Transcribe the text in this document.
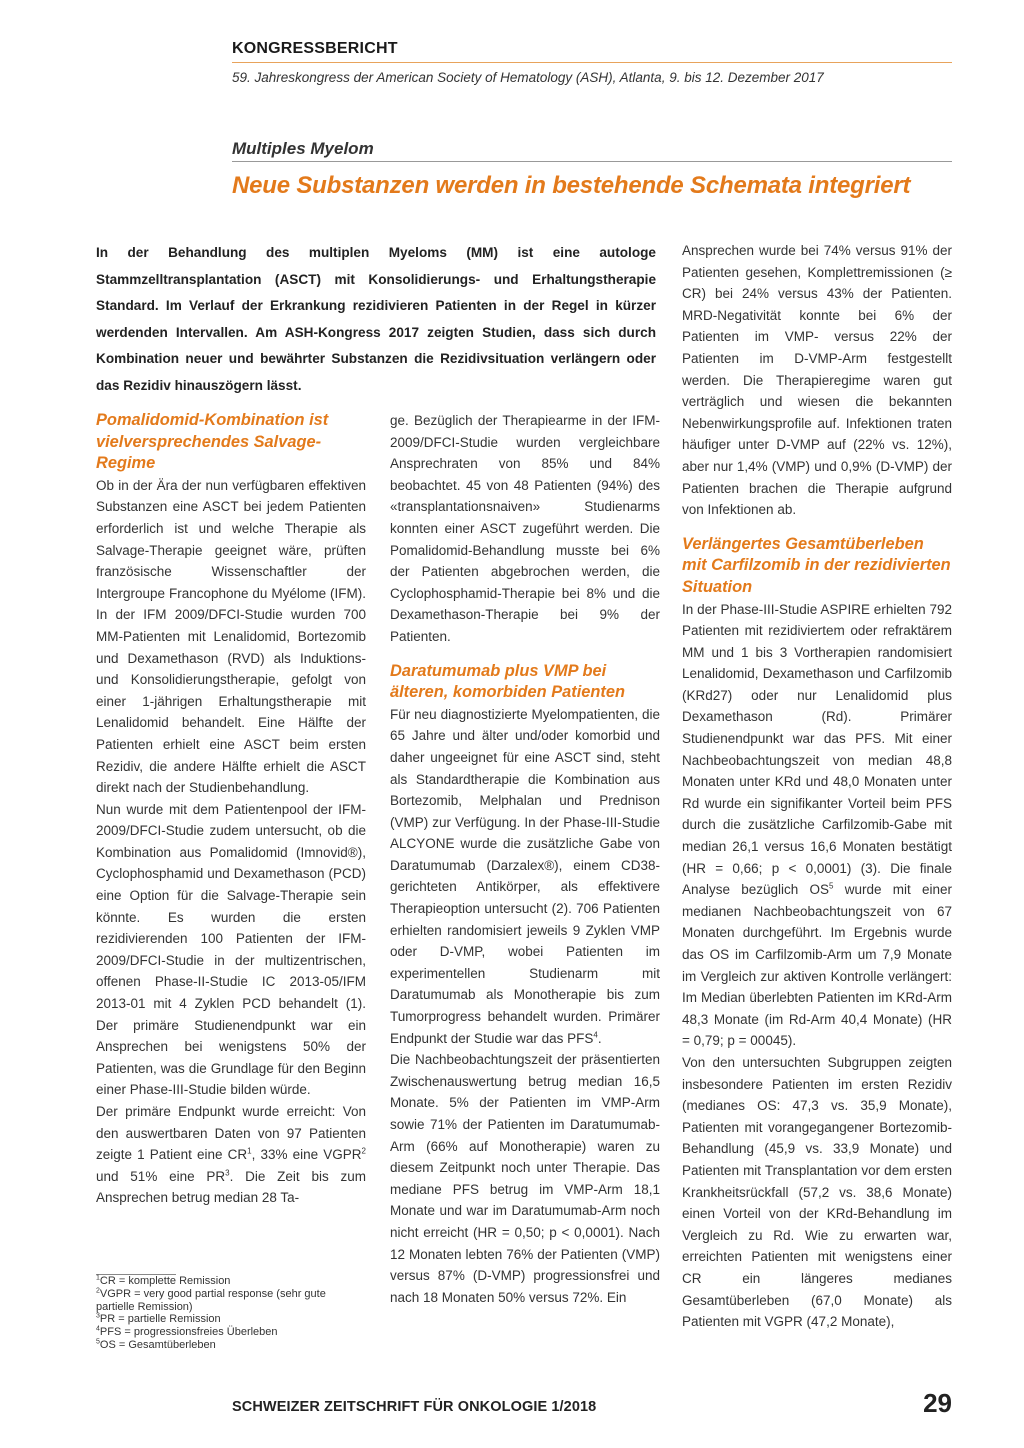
KONGRESSBERICHT
59. Jahreskongress der American Society of Hematology (ASH), Atlanta, 9. bis 12. Dezember 2017
Multiples Myelom
Neue Substanzen werden in bestehende Schemata integriert
In der Behandlung des multiplen Myeloms (MM) ist eine autologe Stammzelltransplantation (ASCT) mit Konsolidierungs- und Erhaltungstherapie Standard. Im Verlauf der Erkrankung rezidivieren Patienten in der Regel in kürzer werdenden Intervallen. Am ASH-Kongress 2017 zeigten Studien, dass sich durch Kombination neuer und bewährter Substanzen die Rezidivsituation verlängern oder das Rezidiv hinauszögern lässt.

Pomalidomid-Kombination ist vielversprechendes Salvage-Regime

Ob in der Ära der nun verfügbaren effektiven Substanzen eine ASCT bei jedem Patienten erforderlich ist und welche Therapie als Salvage-Therapie geeignet wäre, prüften französische Wissenschaftler der Intergroupe Francophone du Myélome (IFM). In der IFM 2009/DFCI-Studie wurden 700 MM-Patienten mit Lenalidomid, Bortezomib und Dexamethason (RVD) als Induktions- und Konsolidierungstherapie, gefolgt von einer 1-jährigen Erhaltungstherapie mit Lenalidomid behandelt. Eine Hälfte der Patienten erhielt eine ASCT beim ersten Rezidiv, die andere Hälfte erhielt die ASCT direkt nach der Studienbehandlung.

Nun wurde mit dem Patientenpool der IFM-2009/DFCI-Studie zudem untersucht, ob die Kombination aus Pomalidomid (Imnovid®), Cyclophosphamid und Dexamethason (PCD) eine Option für die Salvage-Therapie sein könnte. Es wurden die ersten rezidivierenden 100 Patienten der IFM-2009/DFCI-Studie in der multizentrischen, offenen Phase-II-Studie IC 2013-05/IFM 2013-01 mit 4 Zyklen PCD behandelt (1). Der primäre Studienendpunkt war ein Ansprechen bei wenigstens 50% der Patienten, was die Grundlage für den Beginn einer Phase-III-Studie bilden würde.

Der primäre Endpunkt wurde erreicht: Von den auswertbaren Daten von 97 Patienten zeigte 1 Patient eine $CR^1$, 33% eine VGPR$^2$ und 51% eine $PR^3$. Die Zeit bis zum Ansprechen betrug median 28 Ta-

$^1$CR = komplette Remission
$^2$VGPR = very good partial response (sehr gute partielle Remission)
$^3$PR = partielle Remission
$^4$PFS = progressionsfreies Überleben
$^5$OS = Gesamtüberleben

ge. Bezüglich der Therapiearme in der IFM-2009/DFCI-Studie wurden vergleichbare Ansprechraten von 85% und 84% beobachtet. 45 von 48 Patienten (94%) des «transplantationsnaiven» Studienarms konnten einer ASCT zugeführt werden. Die Pomalidomid-Behandlung musste bei 6% der Patienten abgebrochen werden, die Cyclophosphamid-Therapie bei 8% und die Dexamethason-Therapie bei 9% der Patienten.

Daratumumab plus VMP bei älteren, komorbiden Patienten

Für neu diagnostizierte Myelompatienten, die 65 Jahre und älter und/oder komorbid und daher ungeeignet für eine ASCT sind, steht als Standardtherapie die Kombination aus Bortezomib, Melphalan und Prednison (VMP) zur Verfügung. In der Phase-III-Studie ALCYONE wurde die zusätzliche Gabe von Daratumumab (Darzalex®), einem CD38-gerichteten Antikörper, als effektivere Therapieoption untersucht (2). 706 Patienten erhielten randomisiert jeweils 9 Zyklen VMP oder D-VMP, wobei Patienten im experimentellen Studienarm mit Daratumumab als Monotherapie bis zum Tumorprogress behandelt wurden. Primärer Endpunkt der Studie war das PFS$^4$.

Die Nachbeobachtungszeit der präsentierten Zwischenauswertung betrug median 16,5 Monate. 5% der Patienten im VMP-Arm sowie 71% der Patienten im Daratumumab-Arm (66% auf Monotherapie) waren zu diesem Zeitpunkt noch unter Therapie. Das mediane PFS betrug im VMP-Arm 18,1 Monate und war im Daratumumab-Arm noch nicht erreicht (HR = 0,50; p < 0,0001). Nach 12 Monaten lebten 76% der Patienten (VMP) versus 87% (D-VMP) progressionsfrei und nach 18 Monaten 50% versus 72%. Ein

Ansprechen wurde bei 74% versus 91% der Patienten gesehen, Komplettremissionen (≥ CR) bei 24% versus 43% der Patienten. MRD-Negativität konnte bei 6% der Patienten im VMP- versus 22% der Patienten im D-VMP-Arm festgestellt werden. Die Therapieregime waren gut verträglich und wiesen die bekannten Nebenwirkungsprofile auf. Infektionen traten häufiger unter D-VMP auf (22% vs. 12%), aber nur 1,4% (VMP) und 0,9% (D-VMP) der Patienten brachen die Therapie aufgrund von Infektionen ab.

Verlängertes Gesamtüberleben mit Carfilzomib in der rezidivierten Situation

In der Phase-III-Studie ASPIRE erhielten 792 Patienten mit rezidiviertem oder refraktärem MM und 1 bis 3 Vortherapien randomisiert Lenalidomid, Dexamethason und Carfilzomib (KRd27) oder nur Lenalidomid plus Dexamethason (Rd). Primärer Studienendpunkt war das PFS. Mit einer Nachbeobachtungszeit von median 48,8 Monaten unter KRd und 48,0 Monaten unter Rd wurde ein signifikanter Vorteil beim PFS durch die zusätzliche Carfilzomib-Gabe mit median 26,1 versus 16,6 Monaten bestätigt (HR = 0,66; p < 0,0001) (3). Die finale Analyse bezüglich $OS^5$ wurde mit einer medianen Nachbeobachtungszeit von 67 Monaten durchgeführt. Im Ergebnis wurde das OS im Carfilzomib-Arm um 7,9 Monate im Vergleich zur aktiven Kontrolle verlängert: Im Median überlebten Patienten im KRd-Arm 48,3 Monate (im Rd-Arm 40,4 Monate) (HR = 0,79; p = 00045).

Von den untersuchten Subgruppen zeigten insbesondere Patienten im ersten Rezidiv (medianes OS: 47,3 vs. 35,9 Monate), Patienten mit vorangegangener Bortezomib-Behandlung (45,9 vs. 33,9 Monate) und Patienten mit Transplantation vor dem ersten Krankheitsrückfall (57,2 vs. 38,6 Monate) einen Vorteil von der KRd-Behandlung im Vergleich zu Rd. Wie zu erwarten war, erreichten Patienten mit wenigstens einer CR ein längeres medianes Gesamtüberleben (67,0 Monate) als Patienten mit VGPR (47,2 Monate),

SCHWEIZER ZEITSCHRIFT FÜR ONKOLOGIE 1/2018	29
